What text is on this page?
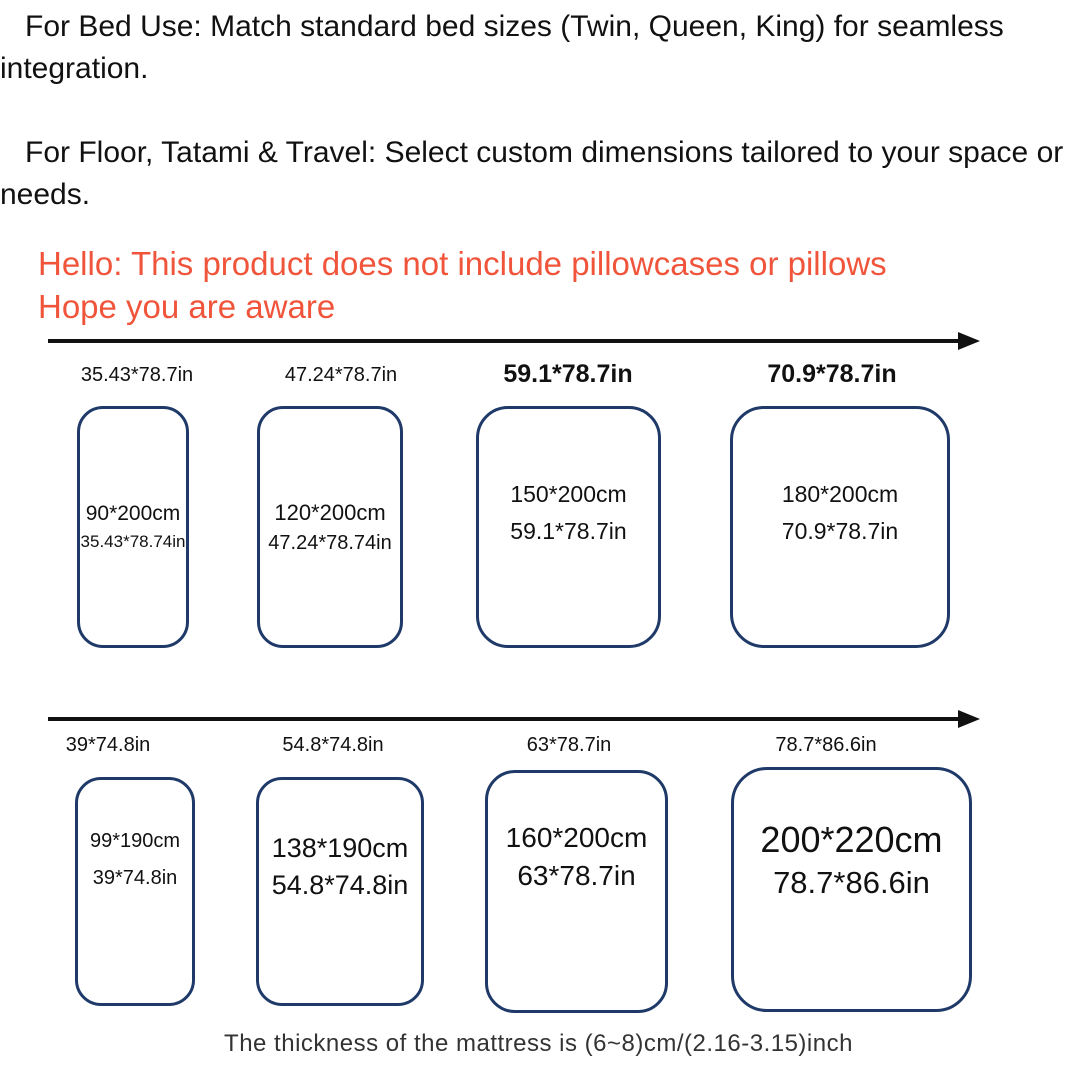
For Bed Use: Match standard bed sizes (Twin, Queen, King) for seamless integration.
For Floor, Tatami & Travel: Select custom dimensions tailored to your space or needs.
Hello: This product does not include pillowcases or pillows
Hope you are aware
35.43*78.7in	47.24*78.7in	59.1*78.7in	70.9*78.7in
90*200cm
35.43*78.74in
120*200cm
47.24*78.74in
150*200cm
59.1*78.7in
180*200cm
70.9*78.7in
39*74.8in	54.8*74.8in	63*78.7in	78.7*86.6in
99*190cm
39*74.8in
138*190cm
54.8*74.8in
160*200cm
63*78.7in
200*220cm
78.7*86.6in
The thickness of the mattress is (6~8)cm/(2.16-3.15)inch
